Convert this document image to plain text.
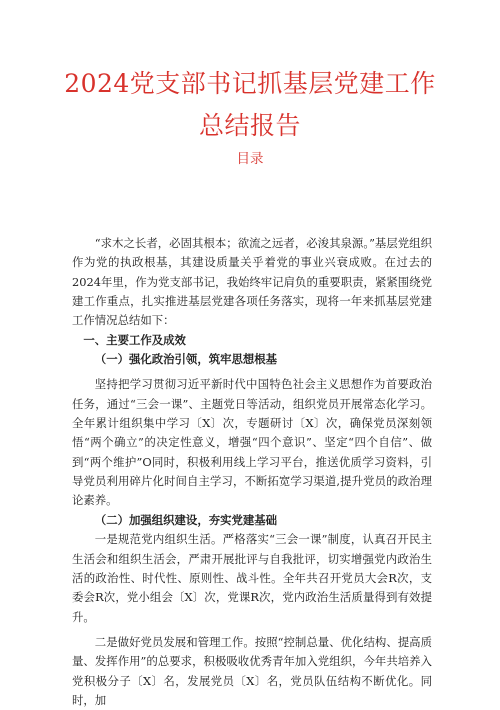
2024党支部书记抓基层党建工作
总结报告
目录

“求木之长者，必固其根本；欲流之远者，必浚其泉源。”基层党组织作为党的执政根基，其建设质量关乎着党的事业兴衰成败。在过去的2024年里，作为党支部书记，我始终牢记肩负的重要职责，紧紧围绕党建工作重点，扎实推进基层党建各项任务落实，现将一年来抓基层党建工作情况总结如下：

一、主要工作及成效

（一）强化政治引领，筑牢思想根基

坚持把学习贯彻习近平新时代中国特色社会主义思想作为首要政治任务，通过“三会一课”、主题党日等活动，组织党员开展常态化学习。全年累计组织集中学习〔X〕次，专题研讨〔X〕次，确保党员深刻领悟“两个确立”的决定性意义，增强“四个意识”、坚定“四个自信”、做到“两个维护”O同时，积极利用线上学习平台，推送优质学习资料，引导党员利用碎片化时间自主学习，不断拓宽学习渠道,提升党员的政治理论素养。

（二）加强组织建设，夯实党建基础

一是规范党内组织生活。严格落实“三会一课”制度，认真召开民主生活会和组织生活会，严肃开展批评与自我批评，切实增强党内政治生活的政治性、时代性、原则性、战斗性。全年共召开党员大会R次，支委会R次，党小组会〔X〕次，党课R次，党内政治生活质量得到有效提升。

二是做好党员发展和管理工作。按照“控制总量、优化结构、提高质量、发挥作用”的总要求，积极吸收优秀青年加入党组织，今年共培养入党积极分子〔X〕名，发展党员〔X〕名，党员队伍结构不断优化。同时，加
